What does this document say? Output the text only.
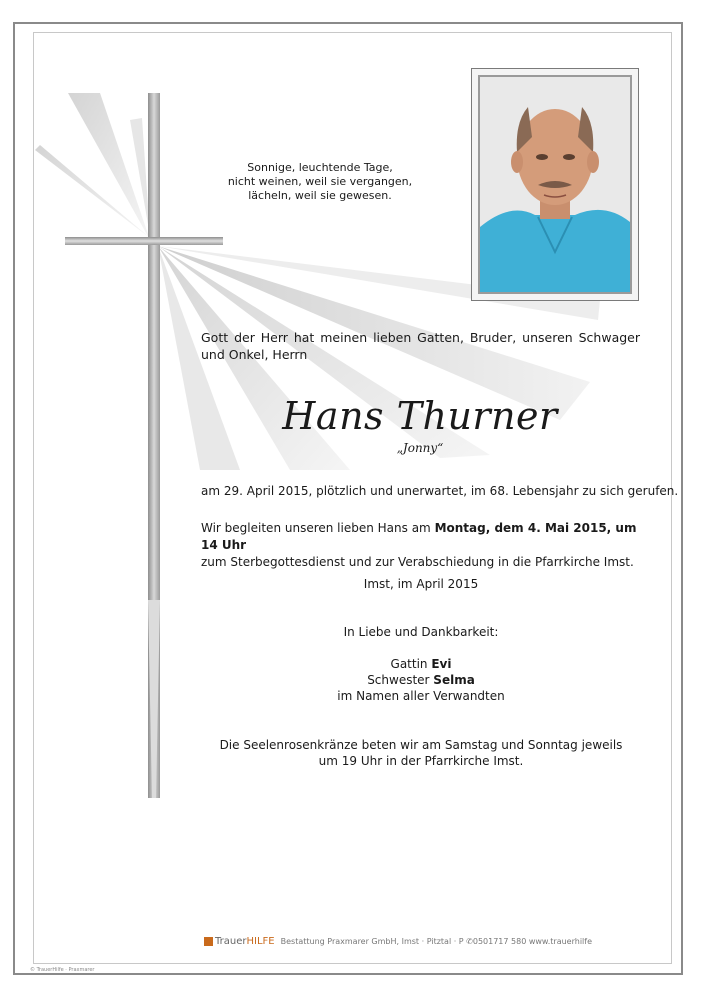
Sonnige, leuchtende Tage,
nicht weinen, weil sie vergangen,
lächeln, weil sie gewesen.
Gott der Herr hat meinen lieben Gatten, Bruder, unseren Schwager und Onkel, Herrn
Hans Thurner
„Jonny“
am 29. April 2015, plötzlich und unerwartet, im 68. Lebensjahr zu sich gerufen.
Wir begleiten unseren lieben Hans am Montag, dem 4. Mai 2015, um 14 Uhr
zum Sterbegottesdienst und zur Verabschiedung in die Pfarrkirche Imst.
Imst, im April 2015
In Liebe und Dankbarkeit:
Gattin Evi
Schwester Selma
im Namen aller Verwandten
Die Seelenrosenkränze beten wir am Samstag und Sonntag jeweils
um 19 Uhr in der Pfarrkirche Imst.
TrauerHILFE Bestattung Praxmarer GmbH, Imst · Pitztal · P ✆0501717 580 www.trauerhilfe
© TrauerHilfe · Praxmarer
